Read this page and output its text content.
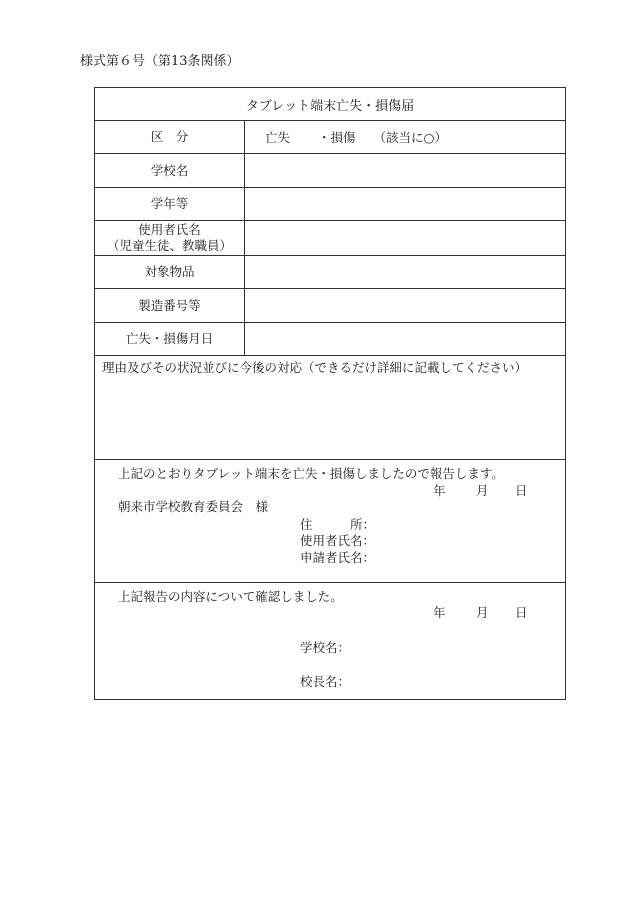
様式第６号（第13条関係）
タブレット端末亡失・損傷届
区　分	亡失 ・損傷 （該当に○）
学校名
学年等
使用者氏名
（児童生徒、教職員）
対象物品
製造番号等
亡失・損傷月日
理由及びその状況並びに今後の対応（できるだけ詳細に記載してください）
上記のとおりタブレット端末を亡失・損傷しましたので報告します。
年 月 日
朝来市学校教育委員会　様
住　　　所：
使用者氏名：
申請者氏名：
上記報告の内容について確認しました。
年 月 日
学校名：
校長名：
